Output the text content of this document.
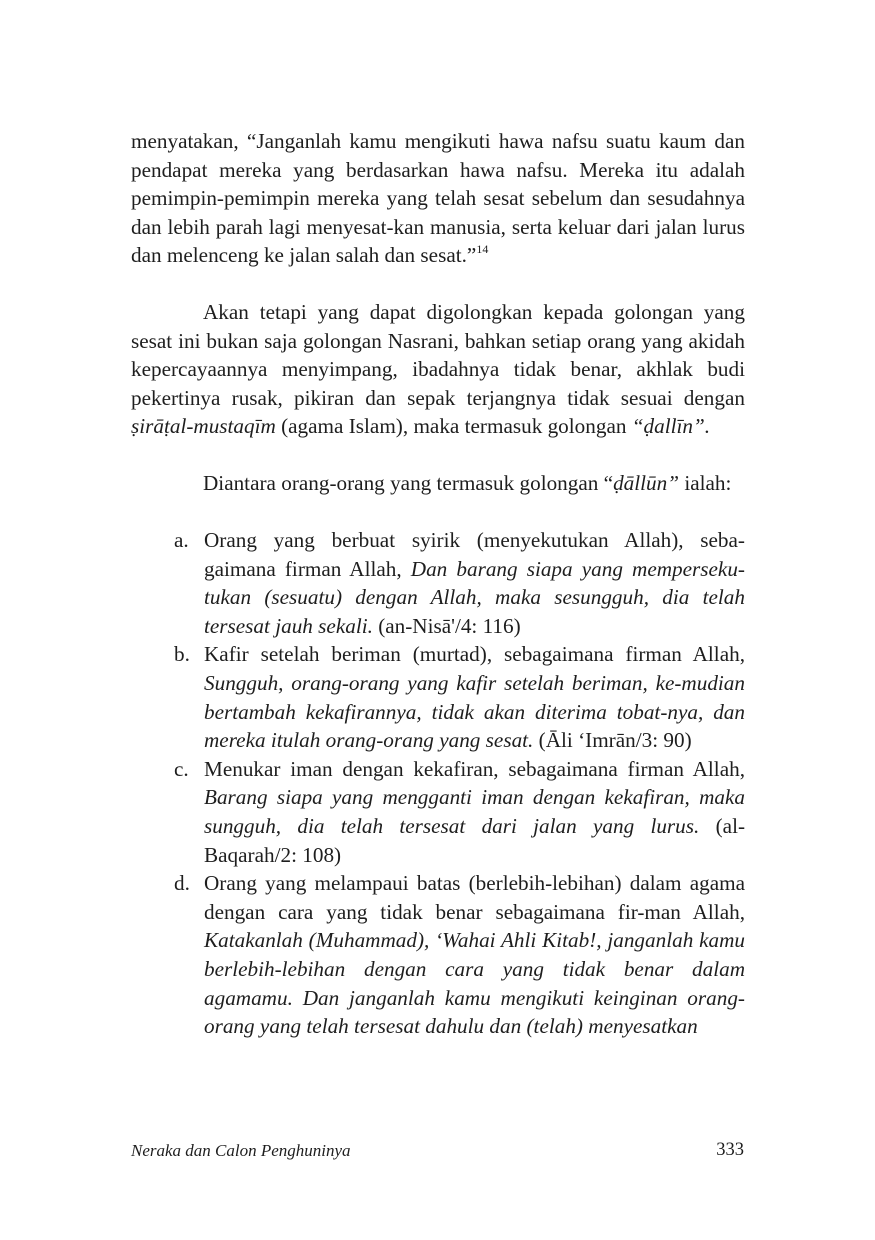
menyatakan, “Janganlah kamu mengikuti hawa nafsu suatu kaum dan pendapat mereka yang berdasarkan hawa nafsu. Mereka itu adalah pemimpin-pemimpin mereka yang telah sesat sebelum dan sesudahnya dan lebih parah lagi menyesat-kan manusia, serta keluar dari jalan lurus dan melenceng ke jalan salah dan sesat.”$^{14}$

Akan tetapi yang dapat digolongkan kepada golongan yang sesat ini bukan saja golongan Nasrani, bahkan setiap orang yang akidah kepercayaannya menyimpang, ibadahnya tidak benar, akhlak budi pekertinya rusak, pikiran dan sepak terjangnya tidak sesuai dengan ṣirāṭal-mustaqīm (agama Islam), maka termasuk golongan “ḍallīn”.

Diantara orang-orang yang termasuk golongan “ḍāllūn” ialah:

a. Orang yang berbuat syirik (menyekutukan Allah), seba-gaimana firman Allah, Dan barang siapa yang memperseku-tukan (sesuatu) dengan Allah, maka sesungguh, dia telah tersesat jauh sekali. (an-Nisā'/4: 116)

b. Kafir setelah beriman (murtad), sebagaimana firman Allah, Sungguh, orang-orang yang kafir setelah beriman, ke-mudian bertambah kekafirannya, tidak akan diterima tobat-nya, dan mereka itulah orang-orang yang sesat. (Āli ‘Imrān/3: 90)

c. Menukar iman dengan kekafiran, sebagaimana firman Allah, Barang siapa yang mengganti iman dengan kekafiran, maka sungguh, dia telah tersesat dari jalan yang lurus. (al-Baqarah/2: 108)

d. Orang yang melampaui batas (berlebih-lebihan) dalam agama dengan cara yang tidak benar sebagaimana fir-man Allah, Katakanlah (Muhammad), ‘Wahai Ahli Kitab!, janganlah kamu berlebih-lebihan dengan cara yang tidak benar dalam agamamu. Dan janganlah kamu mengikuti keinginan orang-orang yang telah tersesat dahulu dan (telah) menyesatkan

Neraka dan Calon Penghuninya	333
